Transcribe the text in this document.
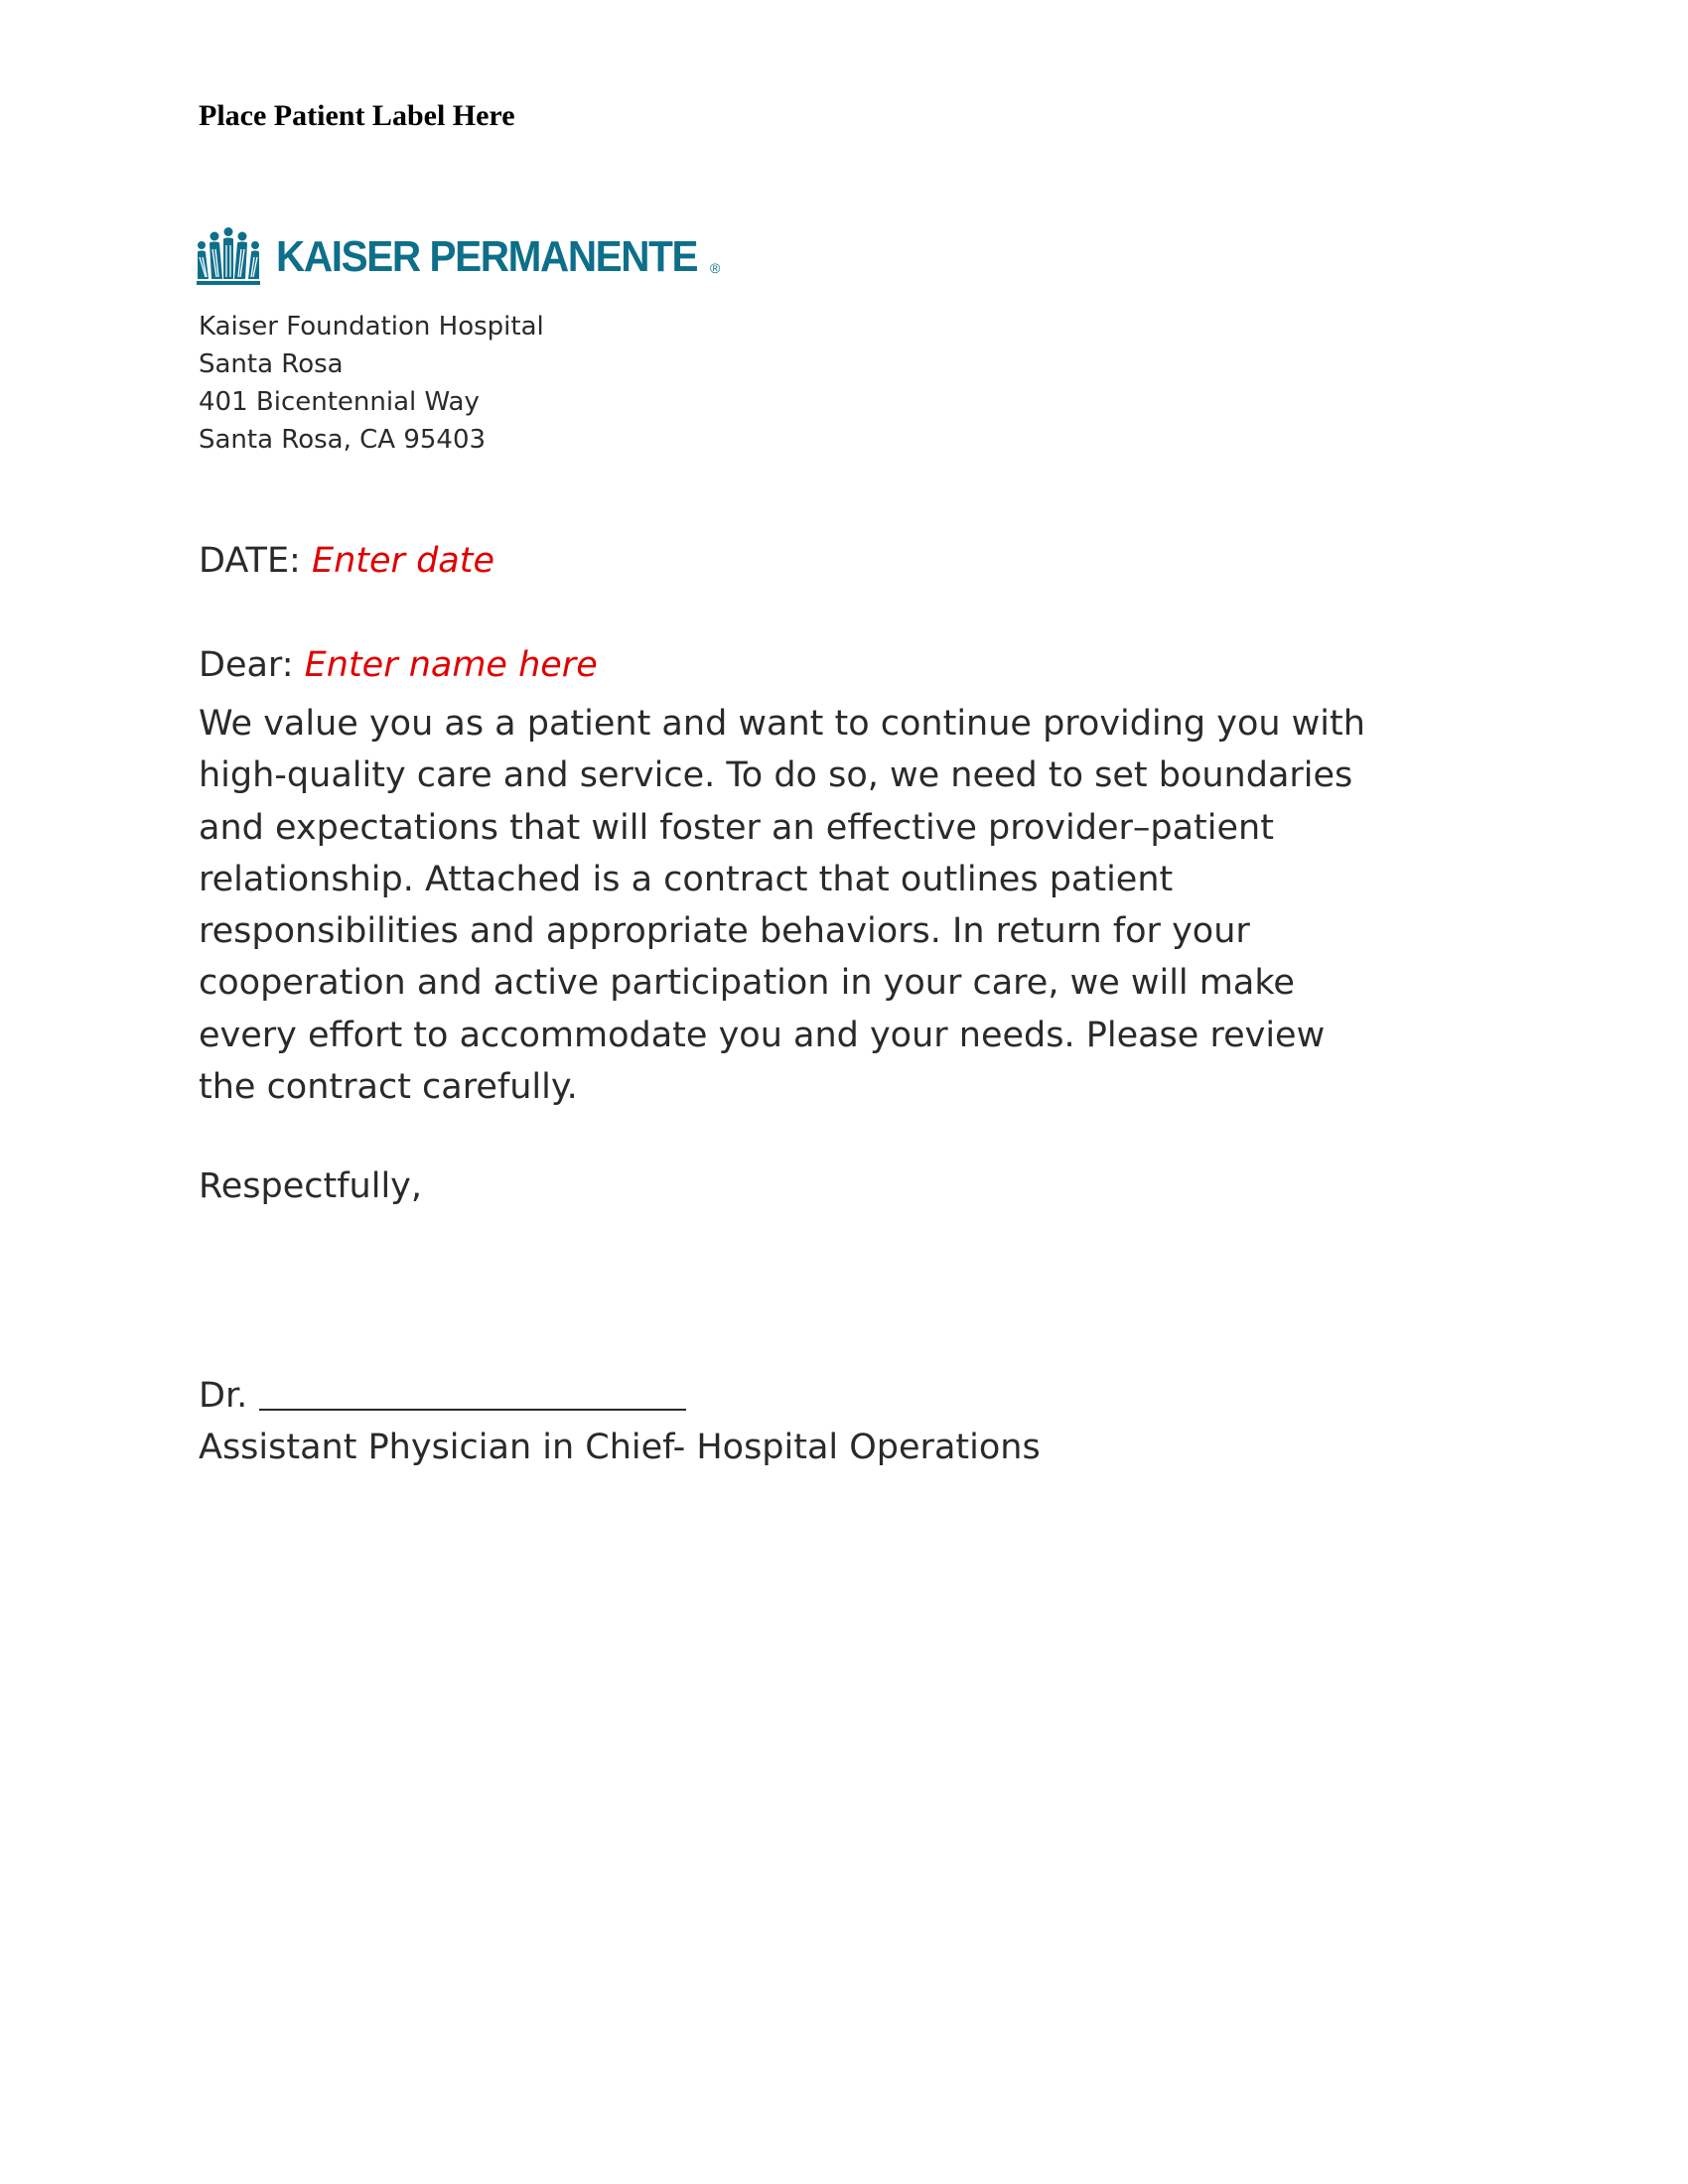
Place Patient Label Here
KAISER PERMANENTE ®
Kaiser Foundation Hospital
Santa Rosa
401 Bicentennial Way
Santa Rosa, CA 95403
DATE: Enter date
Dear: Enter name here
We value you as a patient and want to continue providing you with
high-quality care and service. To do so, we need to set boundaries
and expectations that will foster an effective provider–patient
relationship. Attached is a contract that outlines patient
responsibilities and appropriate behaviors. In return for your
cooperation and active participation in your care, we will make
every effort to accommodate you and your needs. Please review
the contract carefully.
Respectfully,
Dr.
Assistant Physician in Chief- Hospital Operations
